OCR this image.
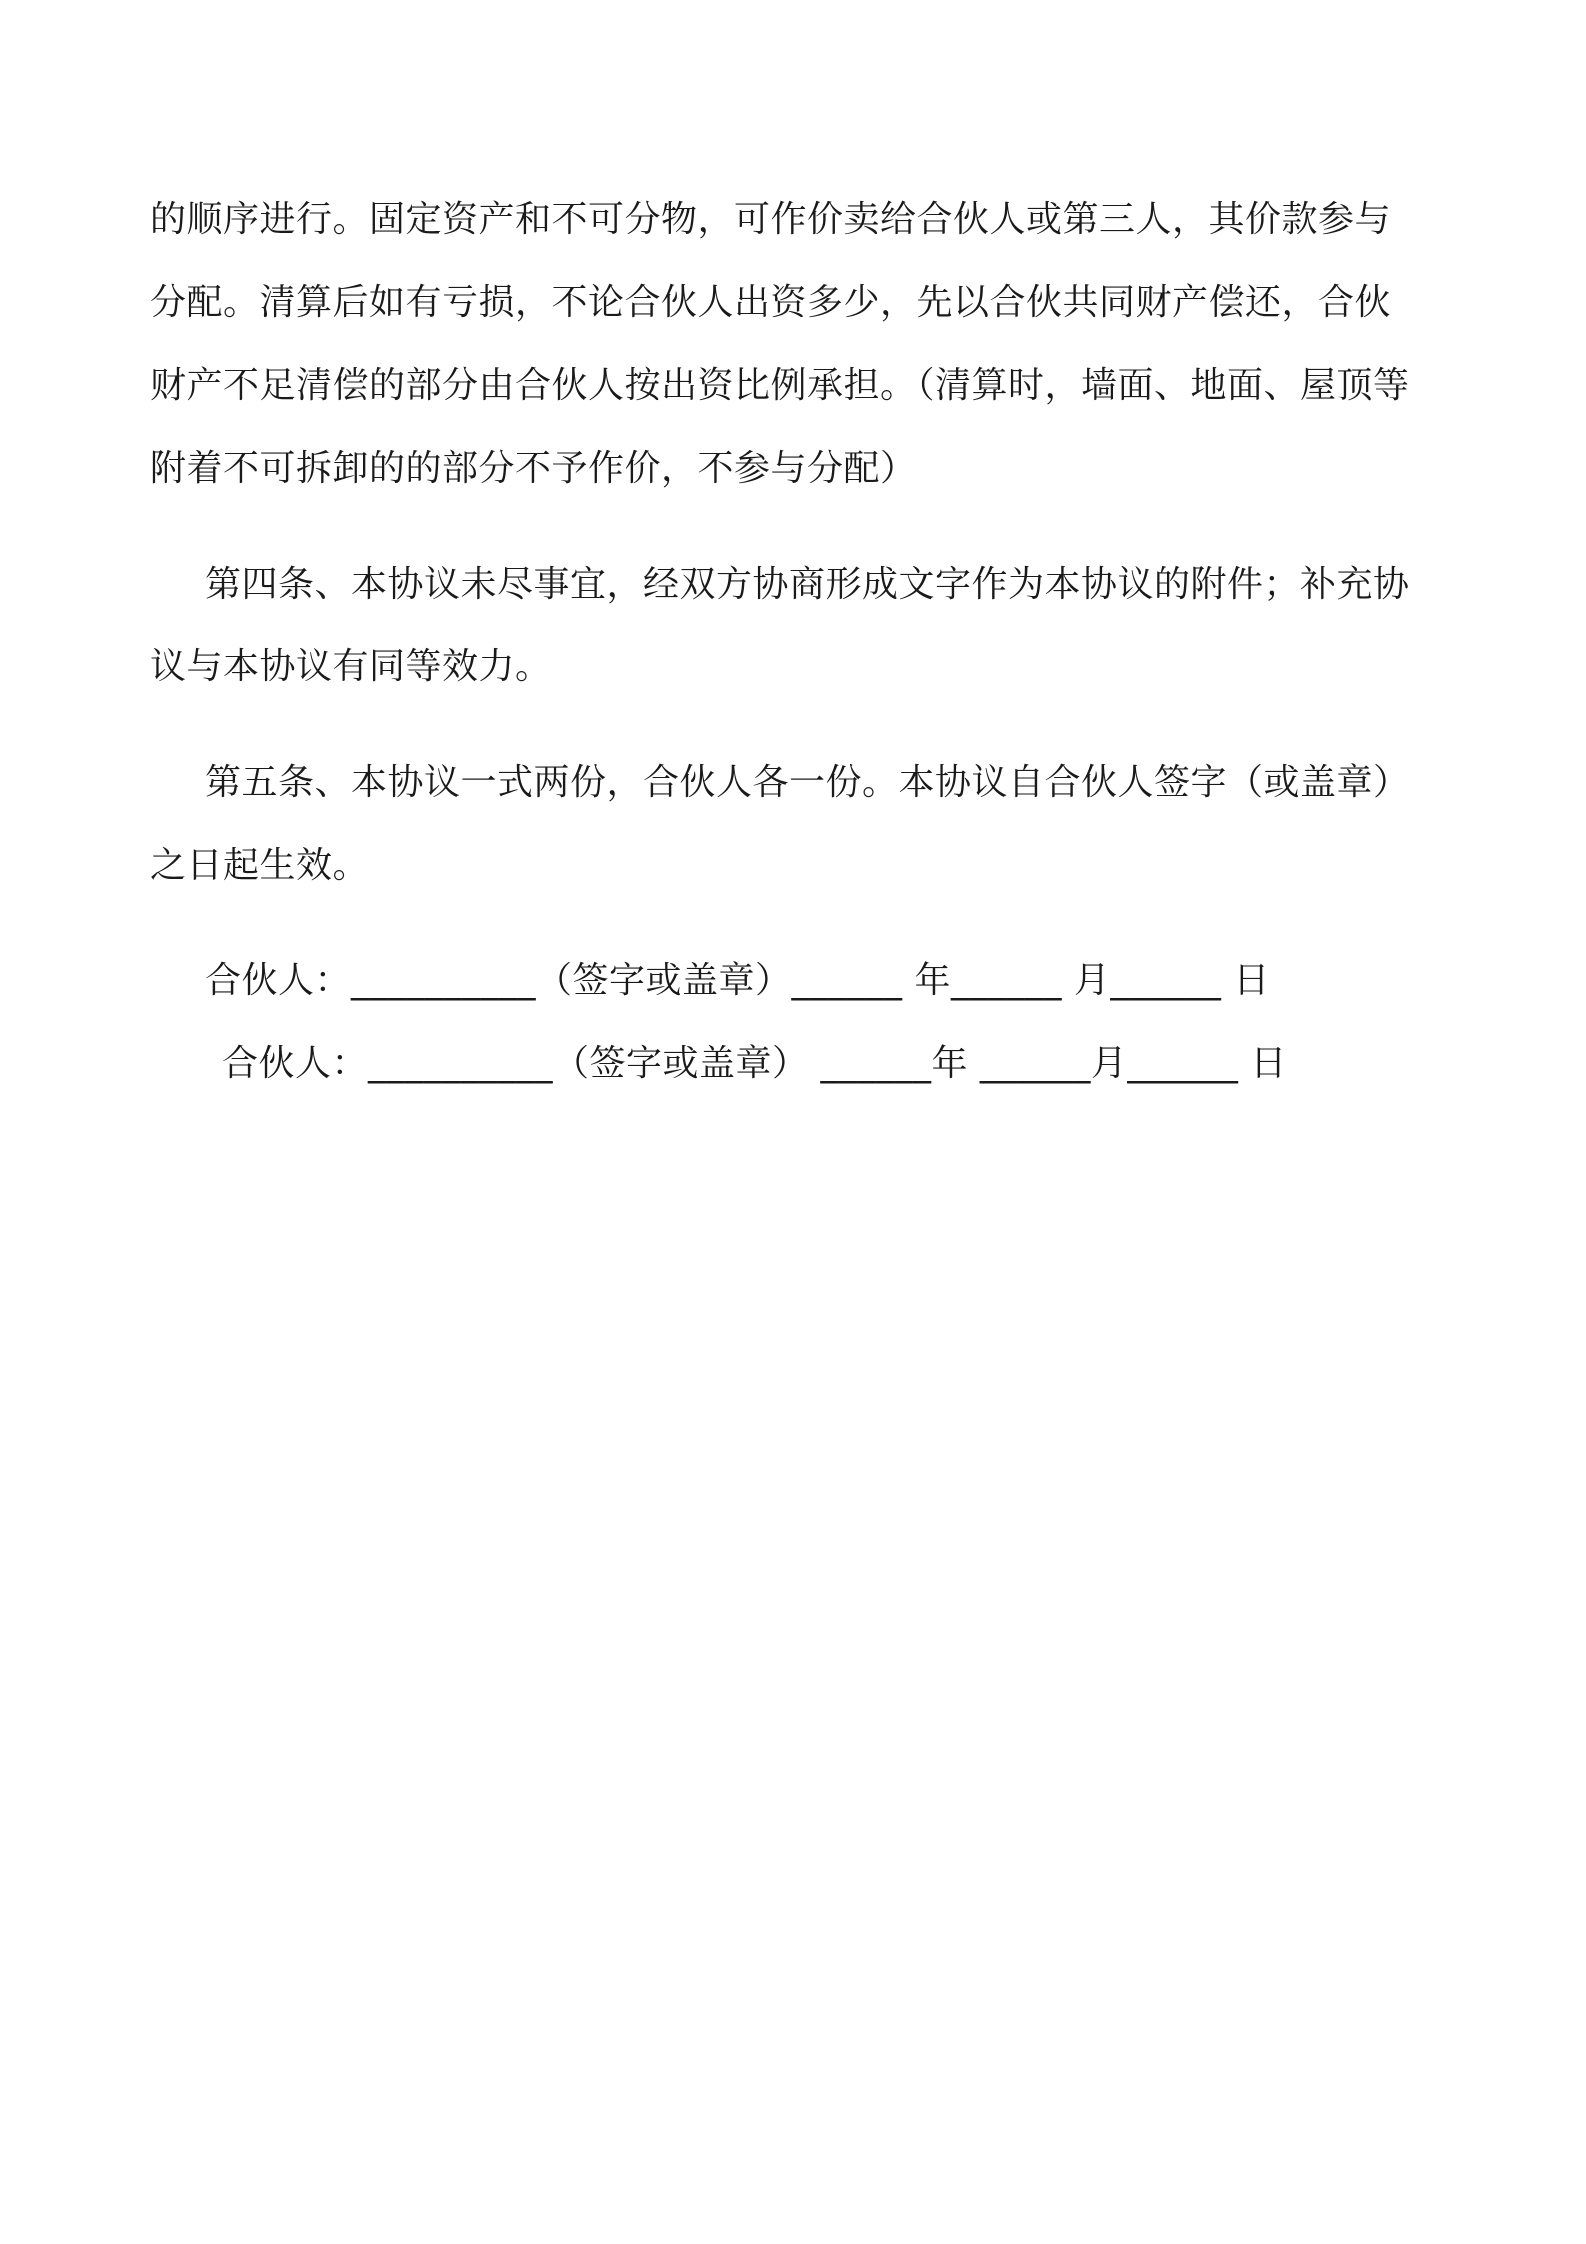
的顺序进行。固定资产和不可分物，可作价卖给合伙人或第三人，其价款参与
分配。清算后如有亏损，不论合伙人出资多少，先以合伙共同财产偿还，合伙
财产不足清偿的部分由合伙人按出资比例承担。（清算时，墙面、地面、屋顶等
附着不可拆卸的的部分不予作价，不参与分配）
第四条、本协议未尽事宜，经双方协商形成文字作为本协议的附件；补充协
议与本协议有同等效力。
第五条、本协议一式两份，合伙人各一份。本协议自合伙人签字（或盖章）
之日起生效。
合伙人：__________（签字或盖章）______ 年______ 月______ 日
合伙人：__________（签字或盖章） ______年 ______月______ 日
